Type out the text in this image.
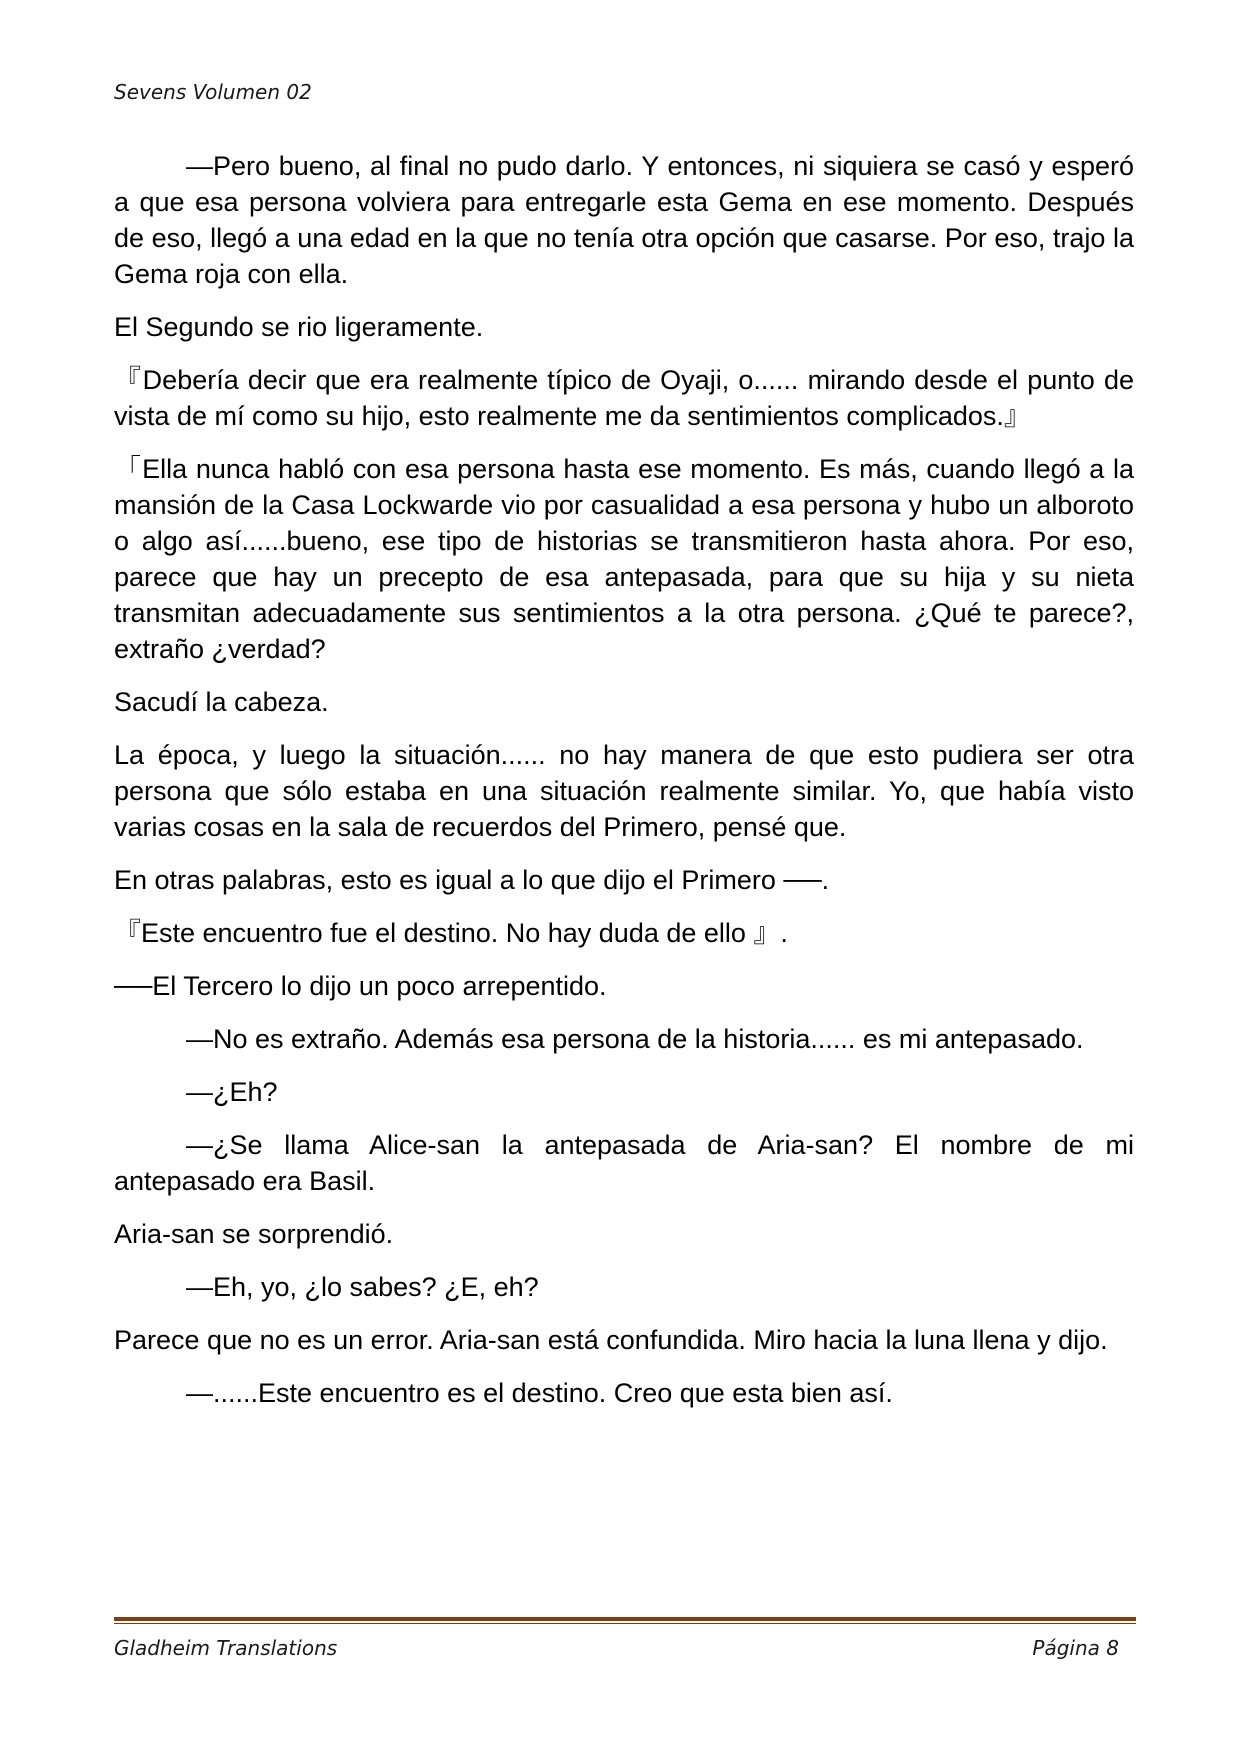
Sevens Volumen 02

—Pero bueno, al final no pudo darlo. Y entonces, ni siquiera se casó y esperó a que esa persona volviera para entregarle esta Gema en ese momento. Después de eso, llegó a una edad en la que no tenía otra opción que casarse. Por eso, trajo la Gema roja con ella.

El Segundo se rio ligeramente.

『Debería decir que era realmente típico de Oyaji, o...... mirando desde el punto de vista de mí como su hijo, esto realmente me da sentimientos complicados.』

「Ella nunca habló con esa persona hasta ese momento. Es más, cuando llegó a la mansión de la Casa Lockwarde vio por casualidad a esa persona y hubo un alboroto o algo así......bueno, ese tipo de historias se transmitieron hasta ahora. Por eso, parece que hay un precepto de esa antepasada, para que su hija y su nieta transmitan adecuadamente sus sentimientos a la otra persona. ¿Qué te parece?, extraño ¿verdad?

Sacudí la cabeza.

La época, y luego la situación...... no hay manera de que esto pudiera ser otra persona que sólo estaba en una situación realmente similar. Yo, que había visto varias cosas en la sala de recuerdos del Primero, pensé que.

En otras palabras, esto es igual a lo que dijo el Primero ──.

『Este encuentro fue el destino. No hay duda de ello 』.

──El Tercero lo dijo un poco arrepentido.

—No es extraño. Además esa persona de la historia...... es mi antepasado.

—¿Eh?

—¿Se llama Alice-san la antepasada de Aria-san? El nombre de mi antepasado era Basil.

Aria-san se sorprendió.

—Eh, yo, ¿lo sabes? ¿E, eh?

Parece que no es un error. Aria-san está confundida. Miro hacia la luna llena y dijo.

—......Este encuentro es el destino. Creo que esta bien así.

Gladheim Translations	Página 8
